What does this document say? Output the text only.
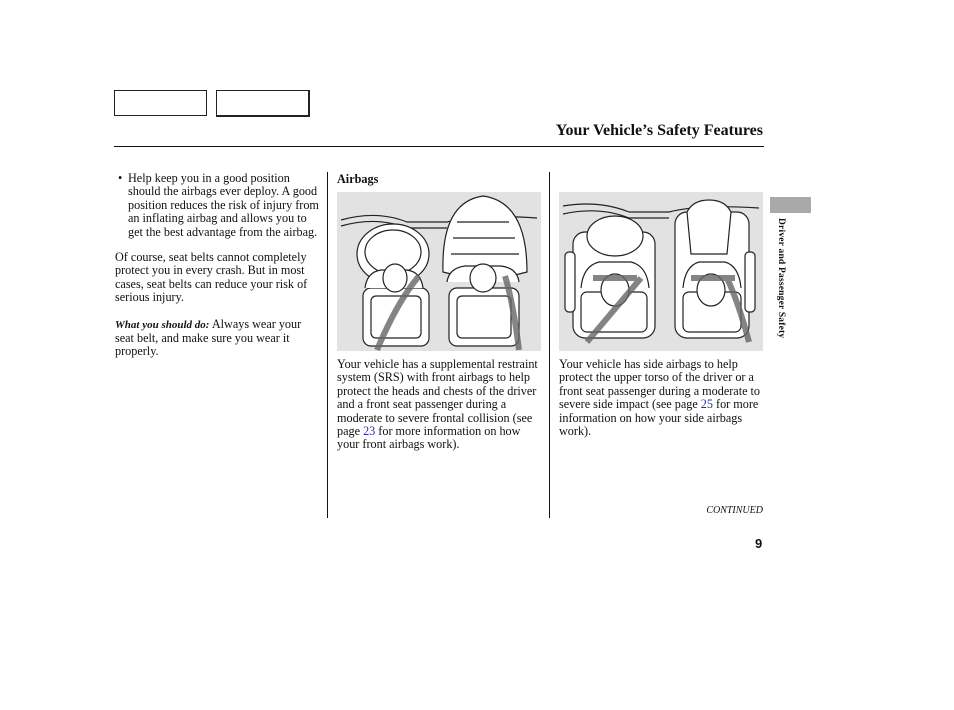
Your Vehicle’s Safety Features
• Help keep you in a good position should the airbags ever deploy. A good position reduces the risk of injury from an inflating airbag and allows you to get the best advantage from the airbag.

Of course, seat belts cannot completely protect you in every crash. But in most cases, seat belts can reduce your risk of serious injury.

What you should do: Always wear your seat belt, and make sure you wear it properly.

Airbags
Your vehicle has a supplemental restraint system (SRS) with front airbags to help protect the heads and chests of the driver and a front seat passenger during a moderate to severe frontal collision (see page 23 for more information on how your front airbags work).
Your vehicle has side airbags to help protect the upper torso of the driver or a front seat passenger during a moderate to severe side impact (see page 25 for more information on how your side airbags work).
CONTINUED
9
Driver and Passenger Safety
